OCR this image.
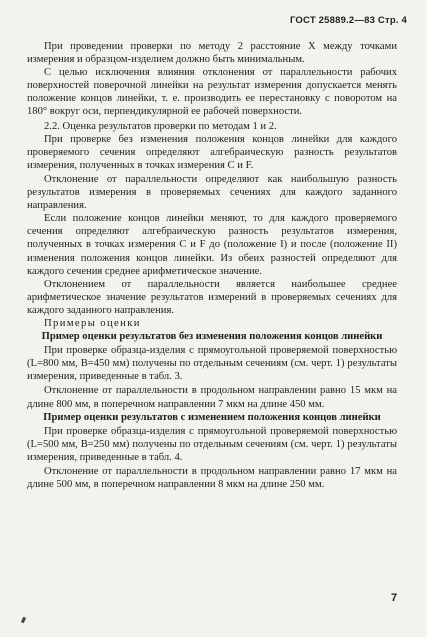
ГОСТ 25889.2—83 Стр. 4

При проведении проверки по методу 2 расстояние X между точками измерения и образцом-изделием должно быть минимальным.

С целью исключения влияния отклонения от параллельности рабочих поверхностей поверочной линейки на результат измерения допускается менять положение концов линейки, т. е. производить ее перестановку с поворотом на 180° вокруг оси, перпендикулярной ее рабочей поверхности.

2.2. Оценка результатов проверки по методам 1 и 2.

При проверке без изменения положения концов линейки для каждого проверяемого сечения определяют алгебраическую разность результатов измерения, полученных в точках измерения C и F.

Отклонение от параллельности определяют как наибольшую разность результатов измерения в проверяемых сечениях для каждого заданного направления.

Если положение концов линейки меняют, то для каждого проверяемого сечения определяют алгебраическую разность результатов измерения, полученных в точках измерения C и F до (положение I) и после (положение II) изменения положения концов линейки. Из обеих разностей определяют для каждого сечения среднее арифметическое значение.

Отклонением от параллельности является наибольшее среднее арифметическое значение результатов измерений в проверяемых сечениях для каждого заданного направления.

Примеры оценки

Пример оценки результатов без изменения положения концов линейки

При проверке образца-изделия с прямоугольной проверяемой поверхностью (L=800 мм, B=450 мм) получены по отдельным сечениям (см. черт. 1) результаты измерения, приведенные в табл. 3.

Отклонение от параллельности в продольном направлении равно 15 мкм на длине 800 мм, в поперечном направлении 7 мкм на длине 450 мм.

Пример оценки результатов с изменением положения концов линейки

При проверке образца-изделия с прямоугольной проверяемой поверхностью (L=500 мм, B=250 мм) получены по отдельным сечениям (см. черт. 1) результаты измерения, приведенные в табл. 4.

Отклонение от параллельности в продольном направлении равно 17 мкм на длине 500 мм, в поперечном направлении 8 мкм на длине 250 мм.

7
